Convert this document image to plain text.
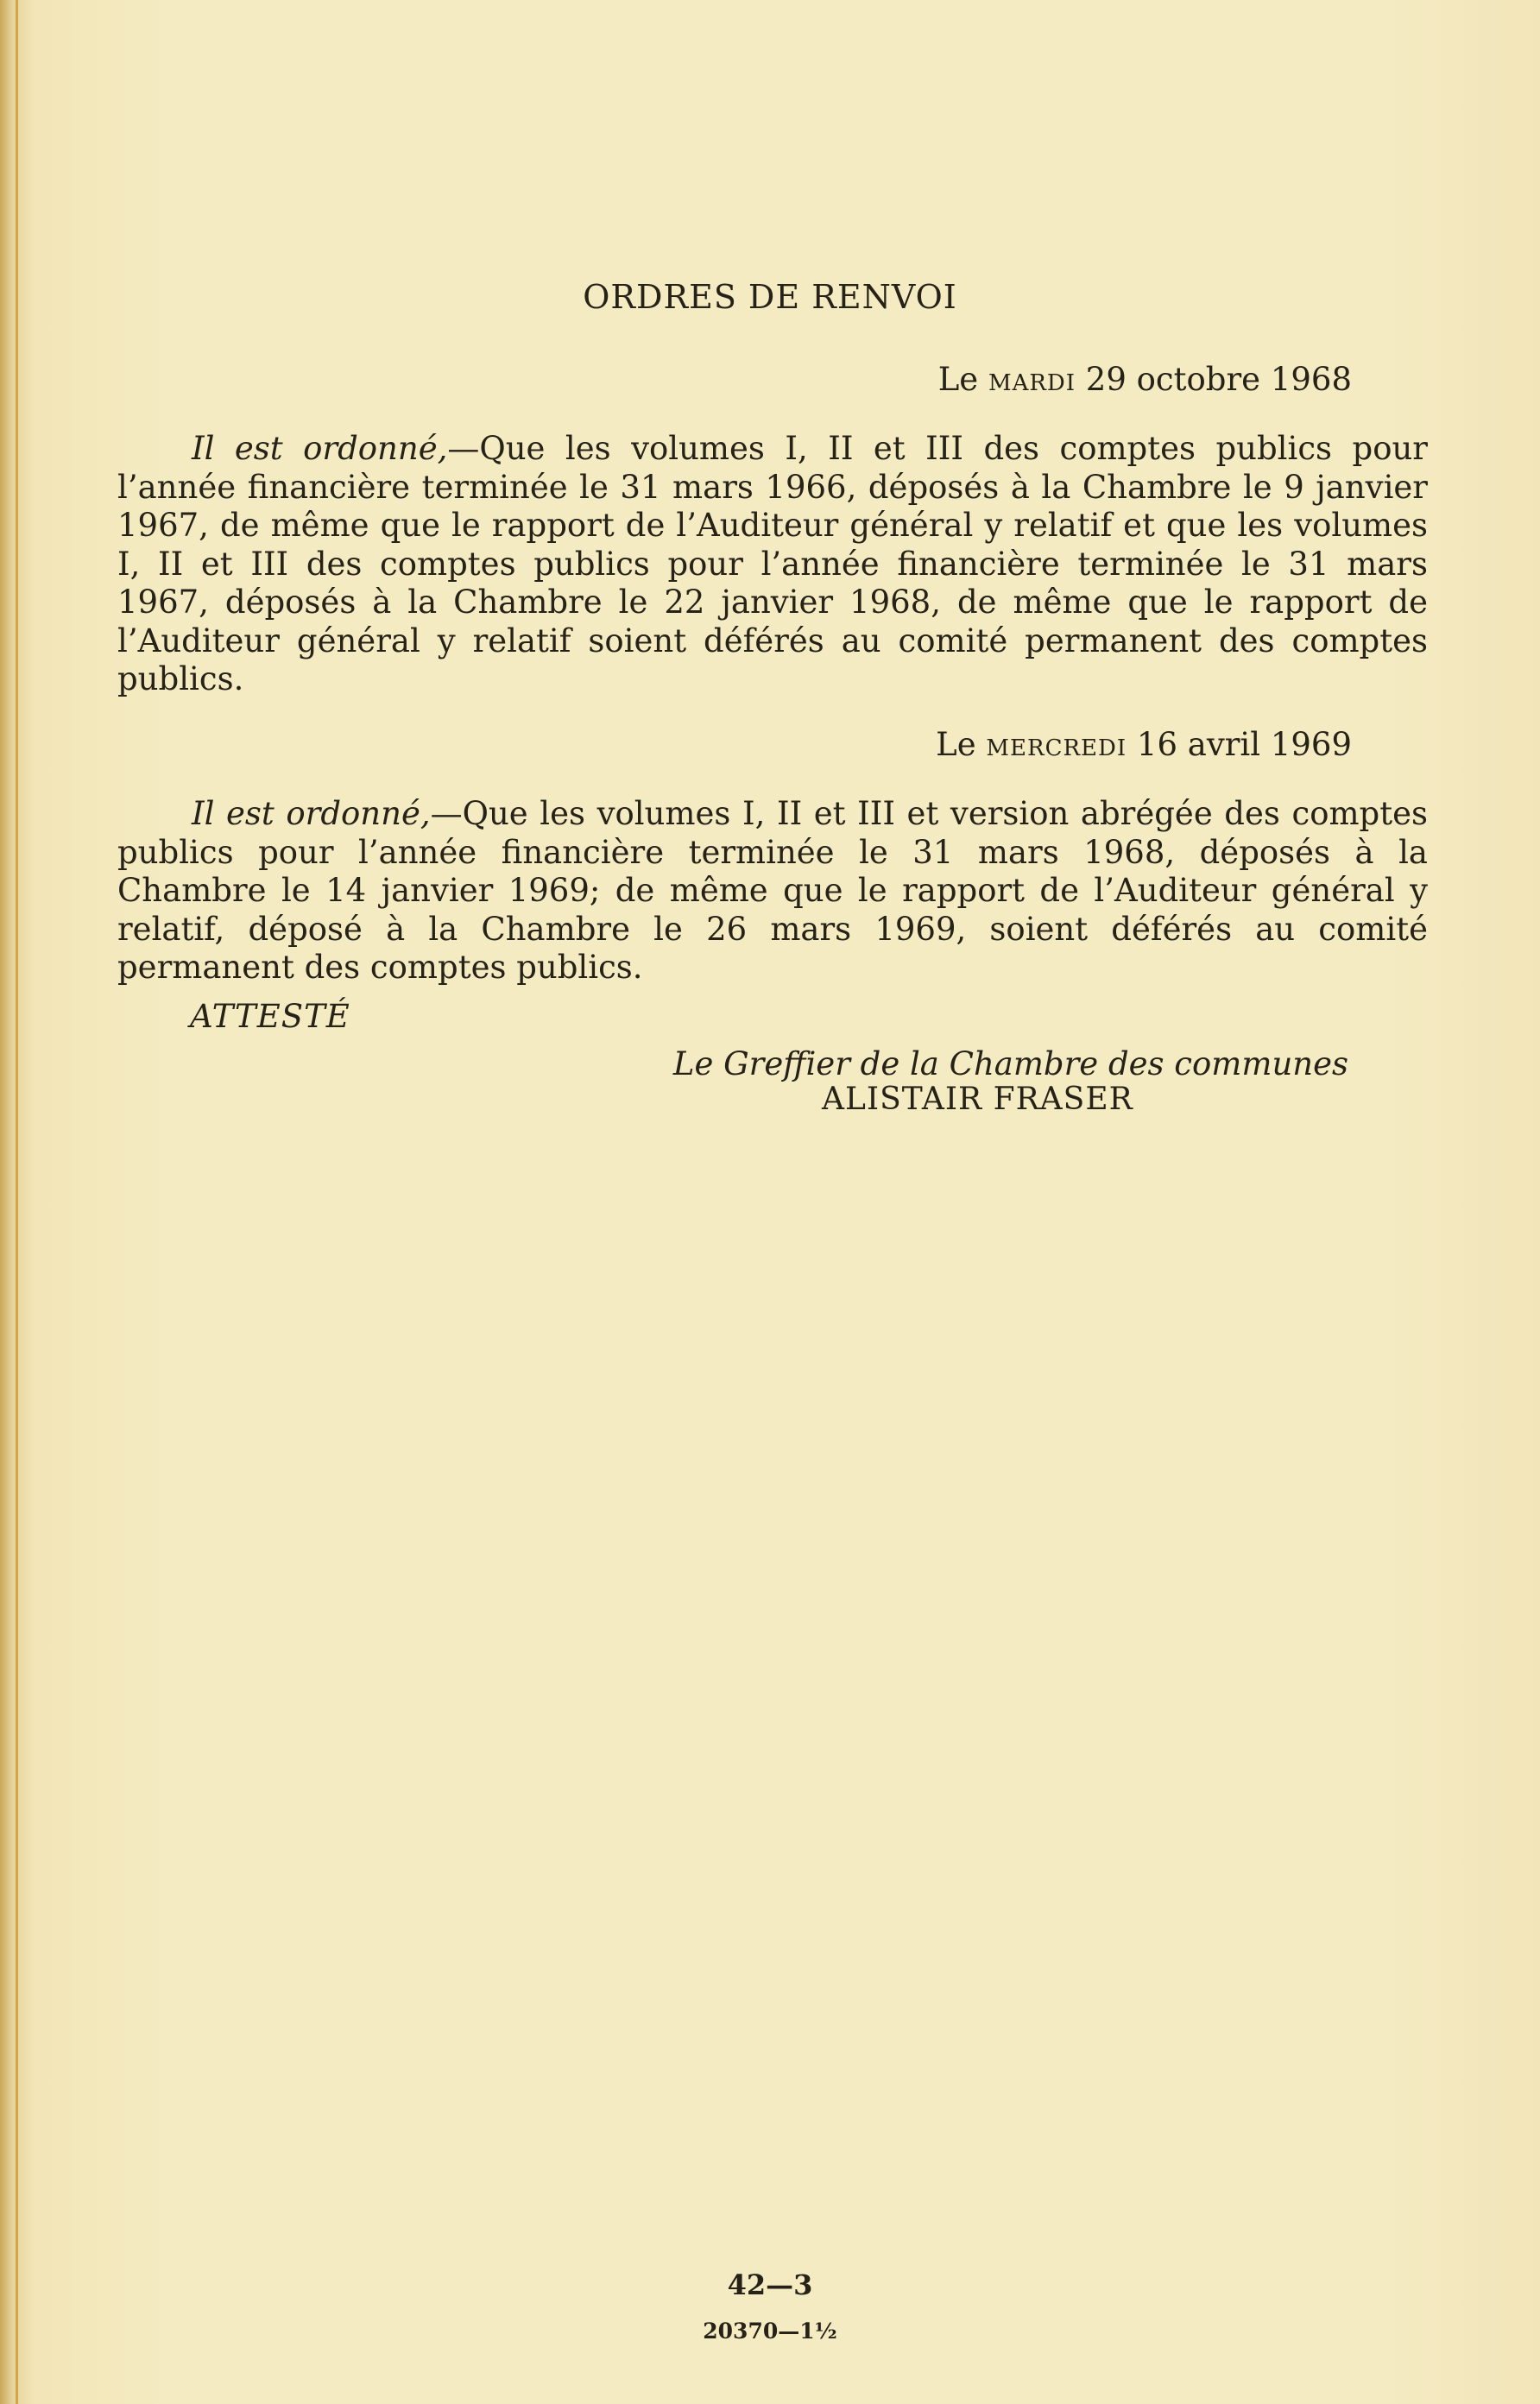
ORDRES DE RENVOI
Le MARDI 29 octobre 1968

Il est ordonné,—Que les volumes I, II et III des comptes publics pour l’année financière terminée le 31 mars 1966, déposés à la Chambre le 9 janvier 1967, de même que le rapport de l’Auditeur général y relatif et que les volumes I, II et III des comptes publics pour l’année financière terminée le 31 mars 1967, déposés à la Chambre le 22 janvier 1968, de même que le rapport de l’Auditeur général y relatif soient déférés au comité permanent des comptes publics.

Le MERCREDI 16 avril 1969

Il est ordonné,—Que les volumes I, II et III et version abrégée des comptes publics pour l’année financière terminée le 31 mars 1968, déposés à la Chambre le 14 janvier 1969; de même que le rapport de l’Auditeur général y relatif, déposé à la Chambre le 26 mars 1969, soient déférés au comité permanent des comptes publics.

ATTESTÉ
Le Greffier de la Chambre des communes
ALISTAIR FRASER
42—3
20370—1½
